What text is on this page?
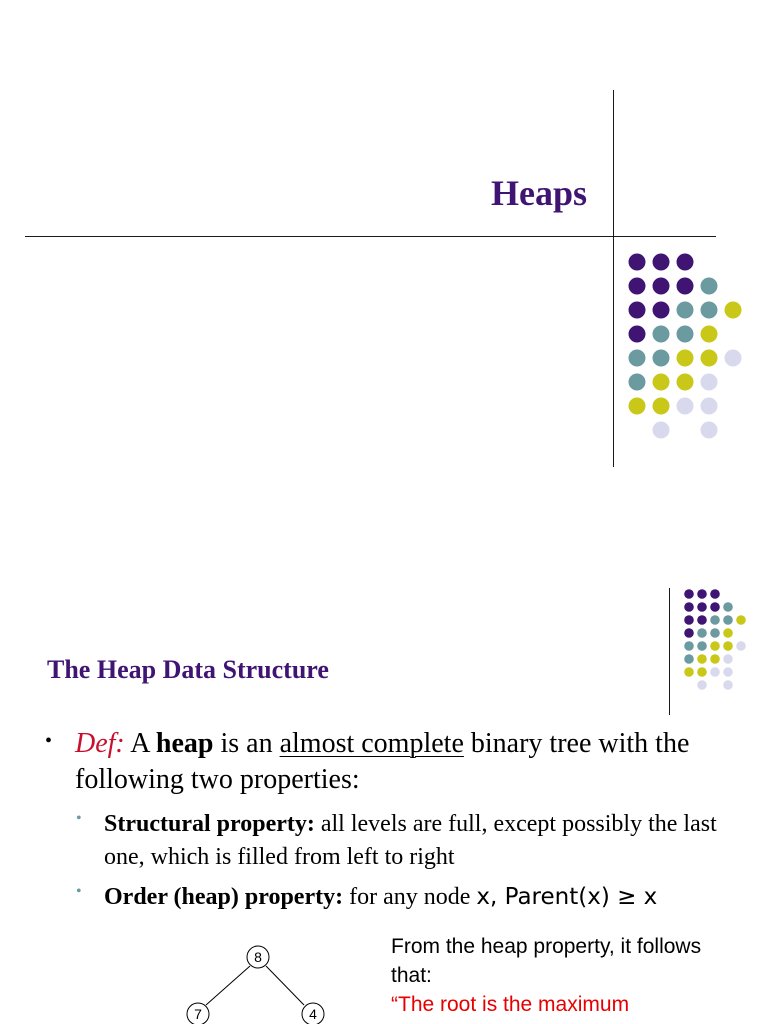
Heaps
The Heap Data Structure
• Def: A heap is an almost complete binary tree with the following two properties:
• Structural property: all levels are full, except possibly the last one, which is filled from left to right
• Order (heap) property: for any node x, Parent(x) ≥ x
8
7	4
From the heap property, it follows that:
“The root is the maximum
